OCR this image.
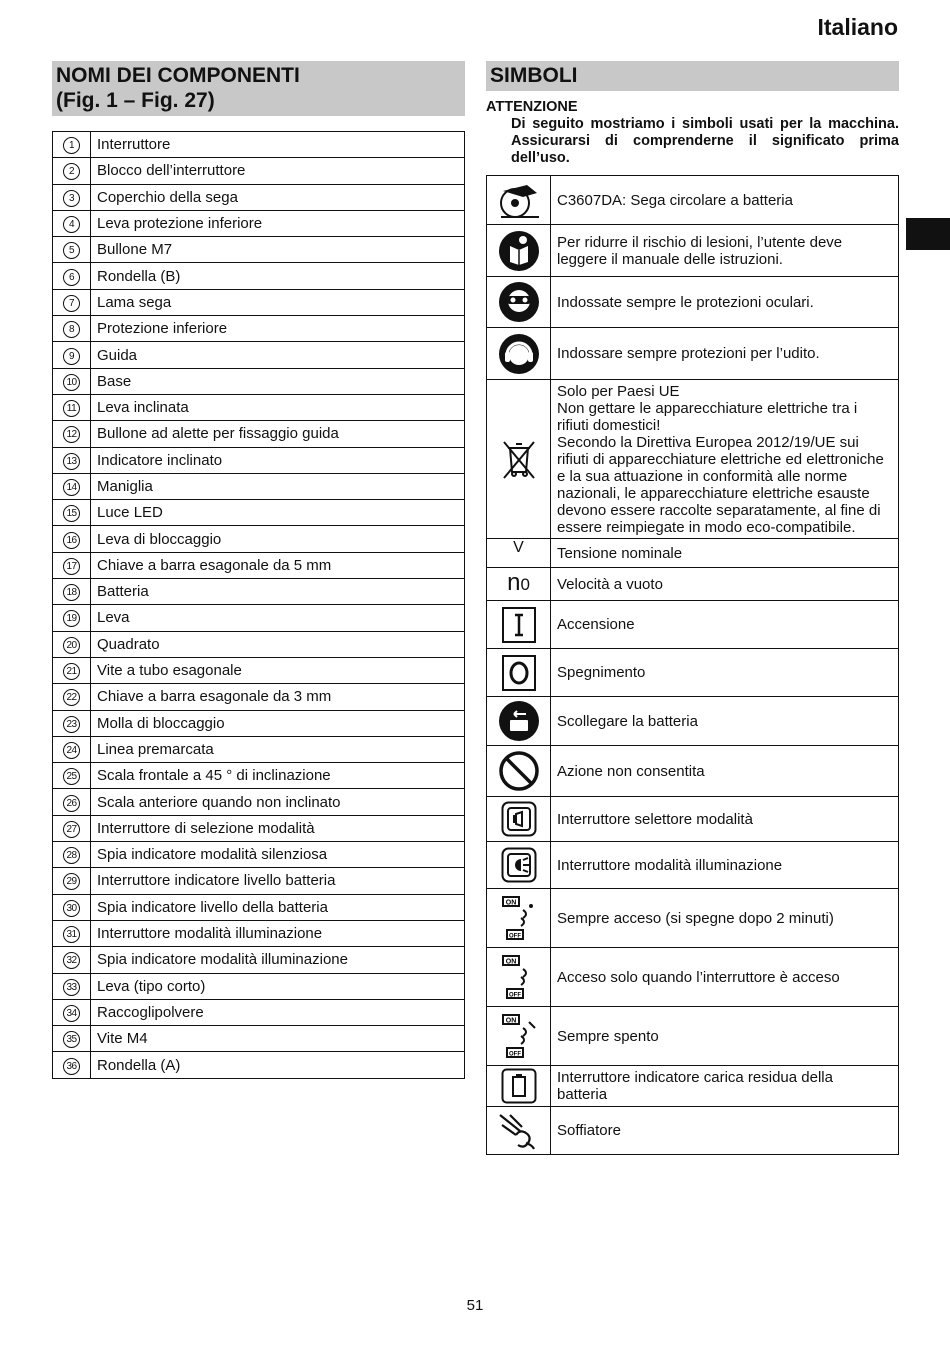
Italiano
NOMI DEI COMPONENTI
(Fig. 1 – Fig. 27)
1	Interruttore
2	Blocco dell’interruttore
3	Coperchio della sega
4	Leva protezione inferiore
5	Bullone M7
6	Rondella (B)
7	Lama sega
8	Protezione inferiore
9	Guida
10	Base
11	Leva inclinata
12	Bullone ad alette per fissaggio guida
13	Indicatore inclinato
14	Maniglia
15	Luce LED
16	Leva di bloccaggio
17	Chiave a barra esagonale da 5 mm
18	Batteria
19	Leva
20	Quadrato
21	Vite a tubo esagonale
22	Chiave a barra esagonale da 3 mm
23	Molla di bloccaggio
24	Linea premarcata
25	Scala frontale a 45 ° di inclinazione
26	Scala anteriore quando non inclinato
27	Interruttore di selezione modalità
28	Spia indicatore modalità silenziosa
29	Interruttore indicatore livello batteria
30	Spia indicatore livello della batteria
31	Interruttore modalità illuminazione
32	Spia indicatore modalità illuminazione
33	Leva (tipo corto)
34	Raccoglipolvere
35	Vite M4
36	Rondella (A)
SIMBOLI
ATTENZIONE
Di seguito mostriamo i simboli usati per la macchina. Assicurarsi di comprenderne il significato prima dell’uso.
	C3607DA: Sega circolare a batteria

	Per ridurre il rischio di lesioni, l’utente deve
leggere il manuale delle istruzioni.

	Indossate sempre le protezioni oculari.

	Indossare sempre protezioni per l’udito.

	Solo per Paesi UE
Non gettare le apparecchiature elettriche tra i rifiuti domestici!
Secondo la Direttiva Europea 2012/19/UE sui rifiuti di apparecchiature elettriche ed elettroniche e la sua attuazione in conformità alle norme nazionali, le apparecchiature elettriche esauste devono essere raccolte separatamente, al fine di essere reimpiegate in modo eco-compatibile.
V	Tensione nominale
n0	Velocità a vuoto

	Accensione

	Spegnimento

	Scollegare la batteria

	Azione non consentita

	Interruttore selettore modalità

	Interruttore modalità illuminazione

ON
OFF	Sempre acceso (si spegne dopo 2 minuti)

ON
OFF	Acceso solo quando l’interruttore è acceso

ON
OFF	Sempre spento

	Interruttore indicatore carica residua della
batteria

	Soffiatore
51
